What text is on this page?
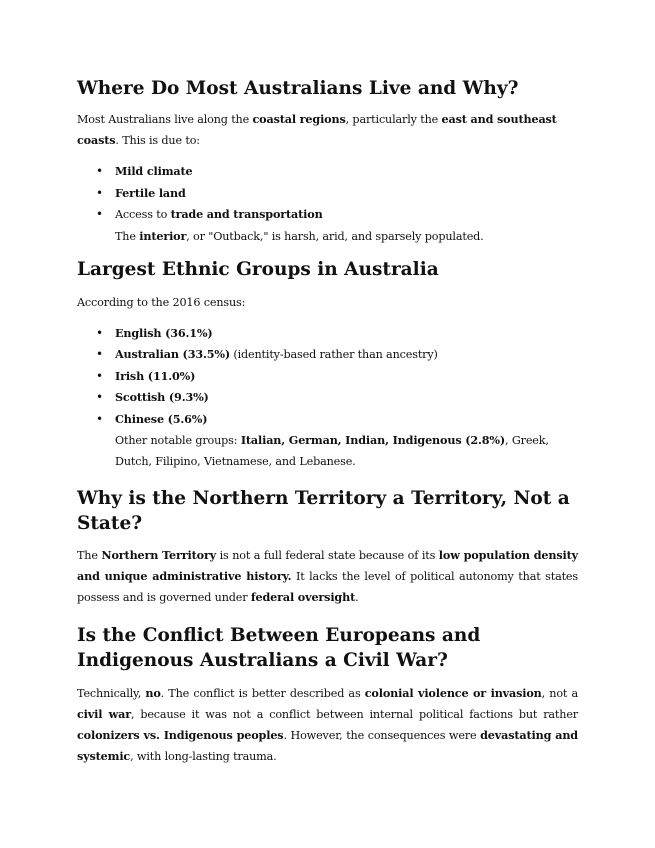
Where Do Most Australians Live and Why?

Most Australians live along the coastal regions, particularly the east and southeast coasts. This is due to:

• Mild climate
• Fertile land
• Access to trade and transportation
The interior, or "Outback," is harsh, arid, and sparsely populated.
Largest Ethnic Groups in Australia

According to the 2016 census:

• English (36.1%)
• Australian (33.5%) (identity-based rather than ancestry)
• Irish (11.0%)
• Scottish (9.3%)
• Chinese (5.6%)
Other notable groups: Italian, German, Indian, Indigenous (2.8%), Greek, Dutch, Filipino, Vietnamese, and Lebanese.
Why is the Northern Territory a Territory, Not a State?

The Northern Territory is not a full federal state because of its low population density and unique administrative history. It lacks the level of political autonomy that states possess and is governed under federal oversight.

Is the Conflict Between Europeans and Indigenous Australians a Civil War?

Technically, no. The conflict is better described as colonial violence or invasion, not a civil war, because it was not a conflict between internal political factions but rather colonizers vs. Indigenous peoples. However, the consequences were devastating and systemic, with long-lasting trauma.
